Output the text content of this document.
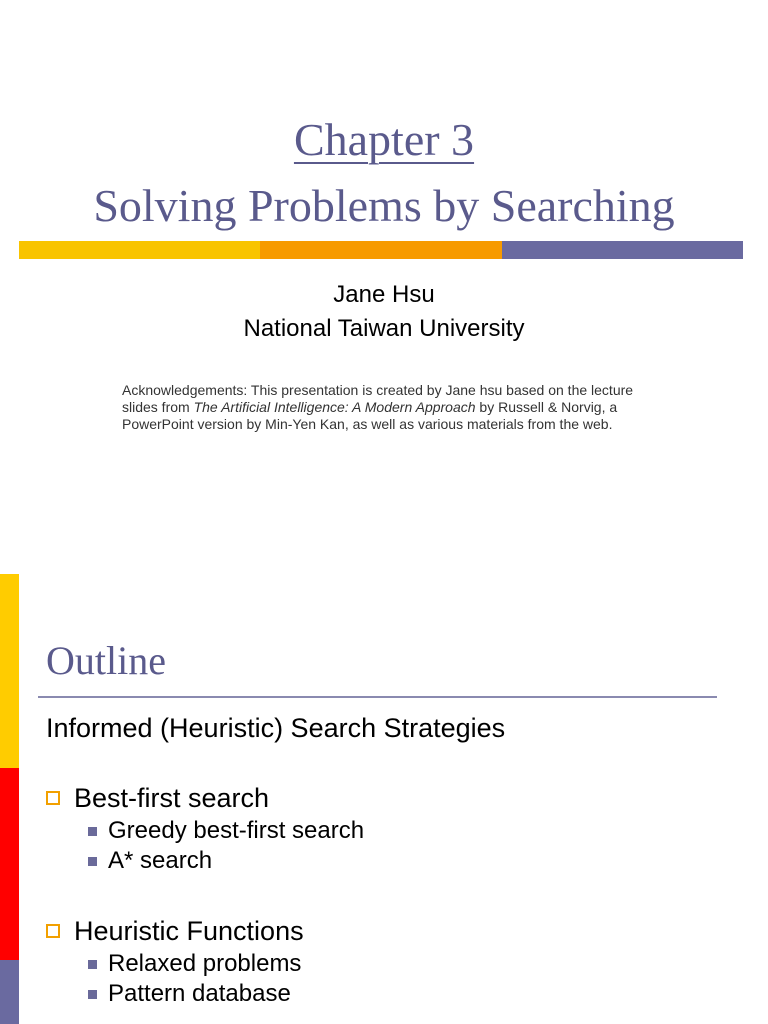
Chapter 3
Solving Problems by Searching
Jane Hsu
National Taiwan University
Acknowledgements: This presentation is created by Jane hsu based on the lecture slides from The Artificial Intelligence: A Modern Approach by Russell & Norvig, a PowerPoint version by Min-Yen Kan, as well as various materials from the web.
Outline
Informed (Heuristic) Search Strategies
Best-first search
Greedy best-first search
A* search
Heuristic Functions
Relaxed problems
Pattern database
